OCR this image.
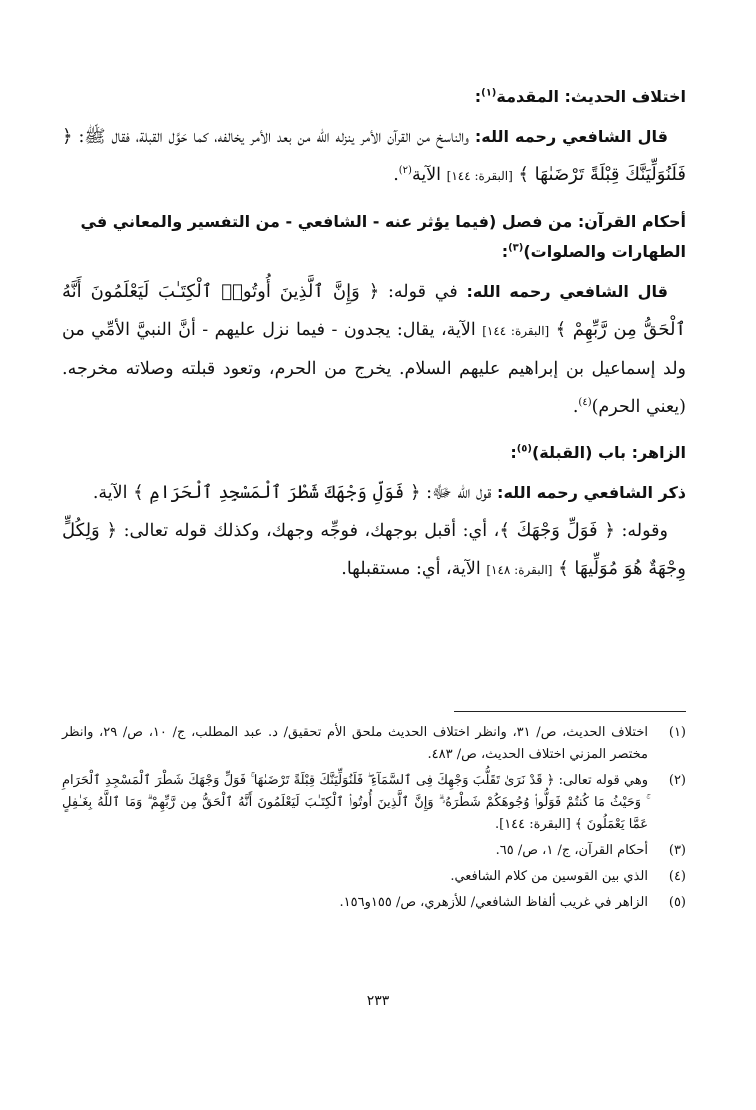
اختلاف الحديث: المقدمة$^{(١)}$:

قال الشافعي رحمه الله: والناسخ من القرآن الأمر ينزله الله من بعد الأمر يخالفه، كما حَوَّل القبلة، فقال ﷺ: ﴿ فَلَنُوَلِّيَنَّكَ قِبْلَةً تَرْضَىٰهَا ﴾ [البقرة: ١٤٤] الآية$^{(٢)}$.

أحكام القرآن: من فصل (فيما يؤثر عنه - الشافعي - من التفسير والمعاني في الطهارات والصلوات)$^{(٣)}$:

قال الشافعي رحمه الله: في قوله: ﴿ وَإِنَّ ٱلَّذِينَ أُوتُوا۟ ٱلْكِتَـٰبَ لَيَعْلَمُونَ أَنَّهُ ٱلْحَقُّ مِن رَّبِّهِمْ ﴾ [البقرة: ١٤٤] الآية، يقال: يجدون - فيما نزل عليهم - أنَّ النبيَّ الأمِّي من ولد إسماعيل بن إبراهيم عليهم السلام. يخرج من الحرم، وتعود قبلته وصلاته مخرجه. (يعني الحرم)$^{(٤)}$.

الزاهر: باب (القبلة)$^{(٥)}$:

ذكر الشافعي رحمه الله: قول الله ﷻ: ﴿ فَوَلِّ وَجْهَكَ شَطْرَ ٱلْمَسْجِدِ ٱلْحَرَامِ ﴾ الآية.

وقوله: ﴿ فَوَلِّ وَجْهَكَ ﴾، أي: أقبل بوجهك، فوجِّه وجهك، وكذلك قوله تعالى: ﴿ وَلِكُلٍّ وِجْهَةٌ هُوَ مُوَلِّيهَا ﴾ [البقرة: ١٤٨] الآية، أي: مستقبلها.

(١)
اختلاف الحديث، ص/ ٣١، وانظر اختلاف الحديث ملحق الأم تحقيق/ د. عبد المطلب، ج/ ١٠، ص/ ٢٩، وانظر مختصر المزني اختلاف الحديث، ص/ ٤٨٣.
(٢)
وهي قوله تعالى: ﴿ قَدْ نَرَىٰ تَقَلُّبَ وَجْهِكَ فِى ٱلسَّمَآءِ ۖ فَلَنُوَلِّيَنَّكَ قِبْلَةً تَرْضَىٰهَا ۚ فَوَلِّ وَجْهَكَ شَطْرَ ٱلْمَسْجِدِ ٱلْحَرَامِ ۚ وَحَيْثُ مَا كُنتُمْ فَوَلُّوا۟ وُجُوهَكُمْ شَطْرَهُۥ ۗ وَإِنَّ ٱلَّذِينَ أُوتُوا۟ ٱلْكِتَـٰبَ لَيَعْلَمُونَ أَنَّهُ ٱلْحَقُّ مِن رَّبِّهِمْ ۗ وَمَا ٱللَّهُ بِغَـٰفِلٍ عَمَّا يَعْمَلُونَ ﴾ [البقرة: ١٤٤].
(٣)
أحكام القرآن، ج/ ١، ص/ ٦٥.
(٤)
الذي بين القوسين من كلام الشافعي.
(٥)
الزاهر في غريب ألفاظ الشافعي/ للأزهري، ص/ ١٥٥و١٥٦.
٢٣٣
